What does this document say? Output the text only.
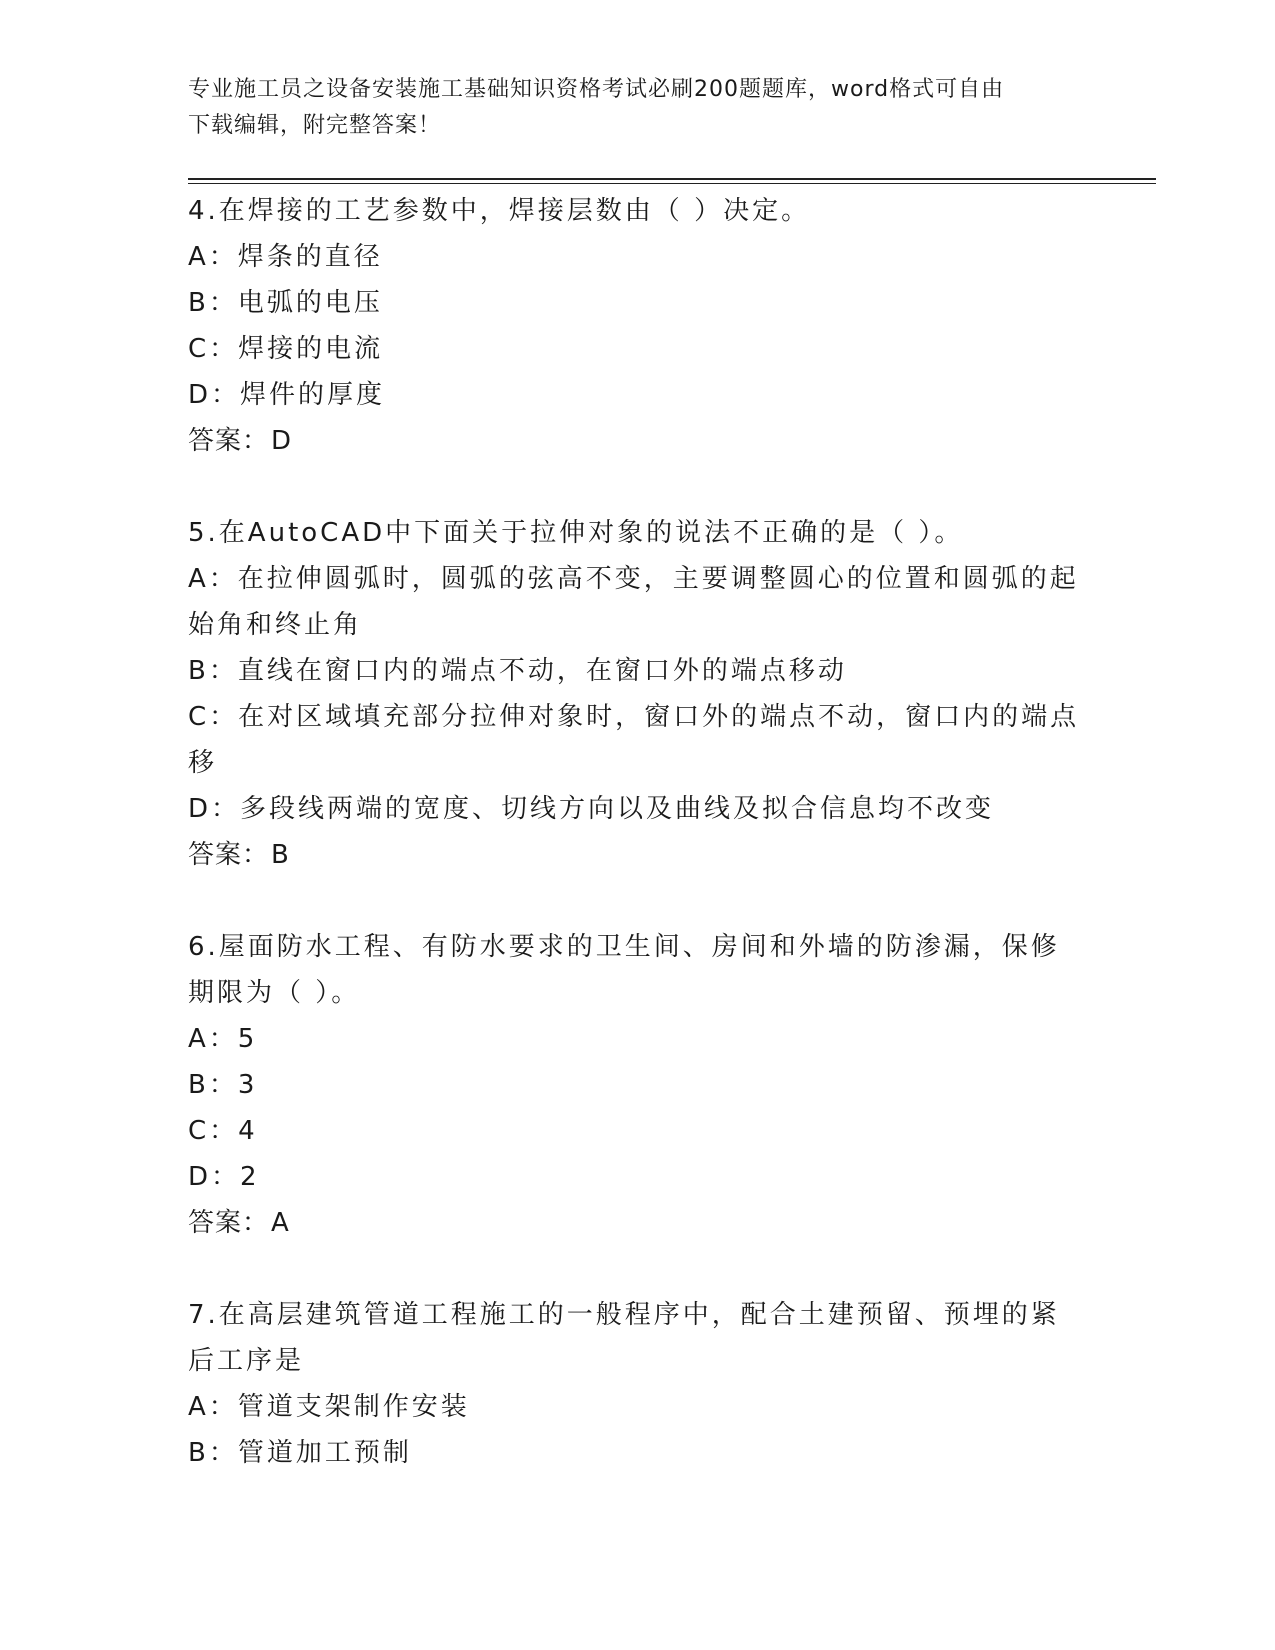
专业施工员之设备安装施工基础知识资格考试必刷200题题库，word格式可自由
下载编辑，附完整答案！
4.在焊接的工艺参数中，焊接层数由（ ）决定。
A：焊条的直径
B：电弧的电压
C：焊接的电流
D：焊件的厚度
答案：D
5.在AutoCAD中下面关于拉伸对象的说法不正确的是（ ）。
A：在拉伸圆弧时，圆弧的弦高不变，主要调整圆心的位置和圆弧的起
始角和终止角
B：直线在窗口内的端点不动，在窗口外的端点移动
C：在对区域填充部分拉伸对象时，窗口外的端点不动，窗口内的端点
移
D：多段线两端的宽度、切线方向以及曲线及拟合信息均不改变
答案：B
6.屋面防水工程、有防水要求的卫生间、房间和外墙的防渗漏，保修
期限为（ ）。
A：5
B：3
C：4
D：2
答案：A
7.在高层建筑管道工程施工的一般程序中，配合土建预留、预埋的紧
后工序是
A：管道支架制作安装
B：管道加工预制
